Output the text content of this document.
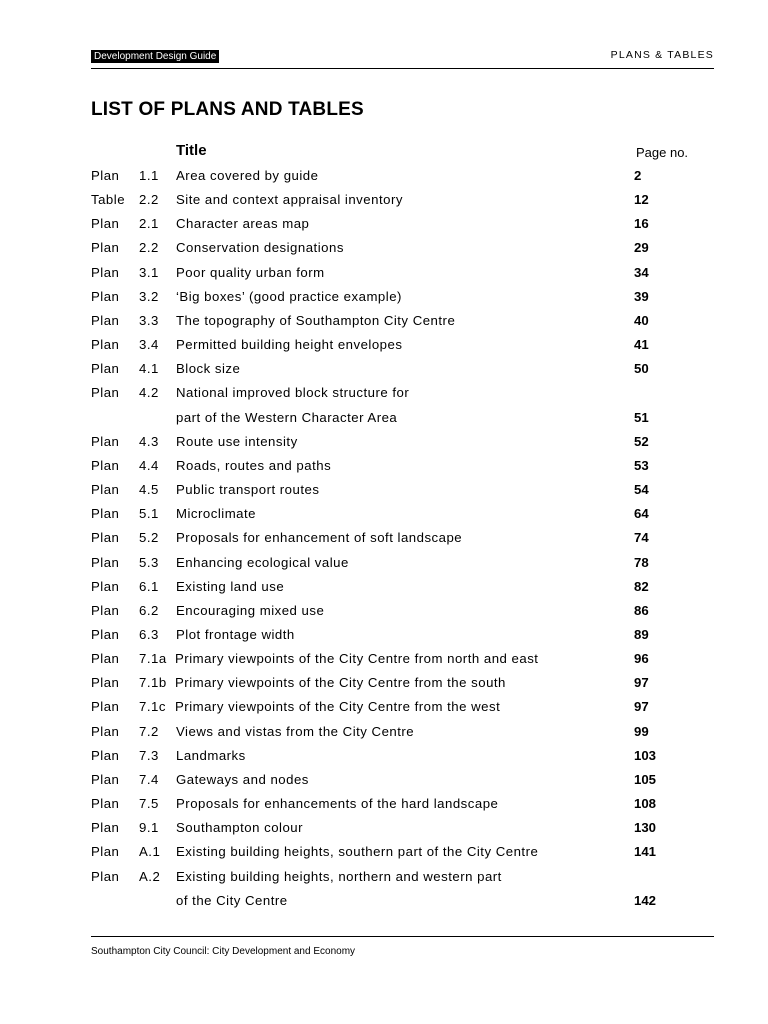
Development Design Guide	PLANS & TABLES
LIST OF PLANS AND TABLES
Title	Page no.
Plan 1.1 Area covered by guide	2
Table 2.2 Site and context appraisal inventory	12
Plan 2.1 Character areas map	16
Plan 2.2 Conservation designations	29
Plan 3.1 Poor quality urban form	34
Plan 3.2 ‘Big boxes’ (good practice example)	39
Plan 3.3 The topography of Southampton City Centre	40
Plan 3.4 Permitted building height envelopes	41
Plan 4.1 Block size	50
Plan 4.2 National improved block structure for
part of the Western Character Area	51
Plan 4.3 Route use intensity	52
Plan 4.4 Roads, routes and paths	53
Plan 4.5 Public transport routes	54
Plan 5.1 Microclimate	64
Plan 5.2 Proposals for enhancement of soft landscape	74
Plan 5.3 Enhancing ecological value	78
Plan 6.1 Existing land use	82
Plan 6.2 Encouraging mixed use	86
Plan 6.3 Plot frontage width	89
Plan 7.1a Primary viewpoints of the City Centre from north and east	96
Plan 7.1b Primary viewpoints of the City Centre from the south	97
Plan 7.1c Primary viewpoints of the City Centre from the west	97
Plan 7.2 Views and vistas from the City Centre	99
Plan 7.3 Landmarks	103
Plan 7.4 Gateways and nodes	105
Plan 7.5 Proposals for enhancements of the hard landscape	108
Plan 9.1 Southampton colour	130
Plan A.1 Existing building heights, southern part of the City Centre	141
Plan A.2 Existing building heights, northern and western part
of the City Centre	142
Southampton City Council: City Development and Economy
